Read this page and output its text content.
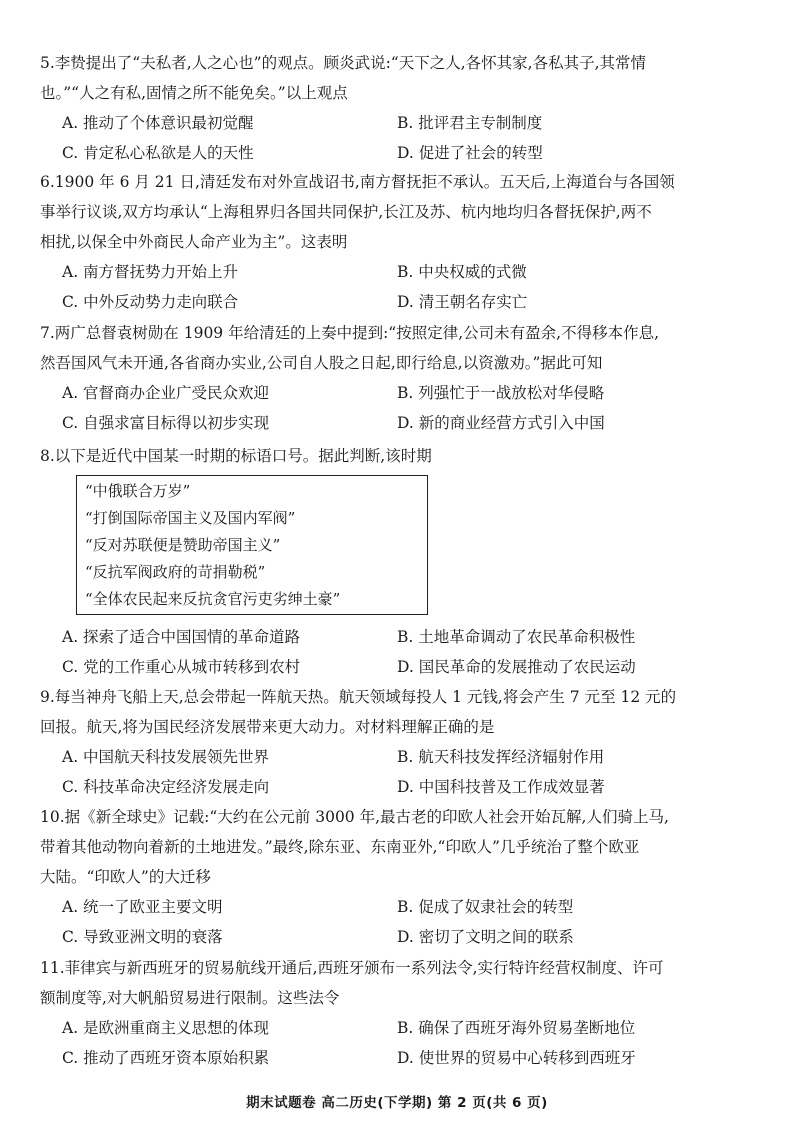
5.李贽提出了“夫私者,人之心也”的观点。顾炎武说:“天下之人,各怀其家,各私其子,其常情
也。”“人之有私,固情之所不能免矣。”以上观点
A. 推动了个体意识最初觉醒	B. 批评君主专制制度
C. 肯定私心私欲是人的天性	D. 促进了社会的转型
6.1900 年 6 月 21 日,清廷发布对外宣战诏书,南方督抚拒不承认。五天后,上海道台与各国领
事举行议谈,双方均承认“上海租界归各国共同保护,长江及苏、杭内地均归各督抚保护,两不
相扰,以保全中外商民人命产业为主”。这表明
A. 南方督抚势力开始上升	B. 中央权威的式微
C. 中外反动势力走向联合	D. 清王朝名存实亡
7.两广总督袁树勋在 1909 年给清廷的上奏中提到:“按照定律,公司未有盈余,不得移本作息,
然吾国风气未开通,各省商办实业,公司自人股之日起,即行给息,以资激劝。”据此可知
A. 官督商办企业广受民众欢迎	B. 列强忙于一战放松对华侵略
C. 自强求富目标得以初步实现	D. 新的商业经营方式引入中国
8.以下是近代中国某一时期的标语口号。据此判断,该时期
“中俄联合万岁”
“打倒国际帝国主义及国内军阀”
“反对苏联便是赞助帝国主义”
“反抗军阀政府的苛捐勒税”
“全体农民起来反抗贪官污吏劣绅土豪”
A. 探索了适合中国国情的革命道路	B. 土地革命调动了农民革命积极性
C. 党的工作重心从城市转移到农村	D. 国民革命的发展推动了农民运动
9.每当神舟飞船上天,总会带起一阵航天热。航天领域每投人 1 元钱,将会产生 7 元至 12 元的
回报。航天,将为国民经济发展带来更大动力。对材料理解正确的是
A. 中国航天科技发展领先世界	B. 航天科技发挥经济辐射作用
C. 科技革命决定经济发展走向	D. 中国科技普及工作成效显著
10.据《新全球史》记载:“大约在公元前 3000 年,最古老的印欧人社会开始瓦解,人们骑上马,
带着其他动物向着新的土地进发。”最终,除东亚、东南亚外,“印欧人”几乎统治了整个欧亚
大陆。“印欧人”的大迁移
A. 统一了欧亚主要文明	B. 促成了奴隶社会的转型
C. 导致亚洲文明的衰落	D. 密切了文明之间的联系
11.菲律宾与新西班牙的贸易航线开通后,西班牙颁布一系列法令,实行特许经营权制度、许可
额制度等,对大帆船贸易进行限制。这些法令
A. 是欧洲重商主义思想的体现	B. 确保了西班牙海外贸易垄断地位
C. 推动了西班牙资本原始积累	D. 使世界的贸易中心转移到西班牙
期末试题卷 高二历史(下学期) 第 2 页(共 6 页)
